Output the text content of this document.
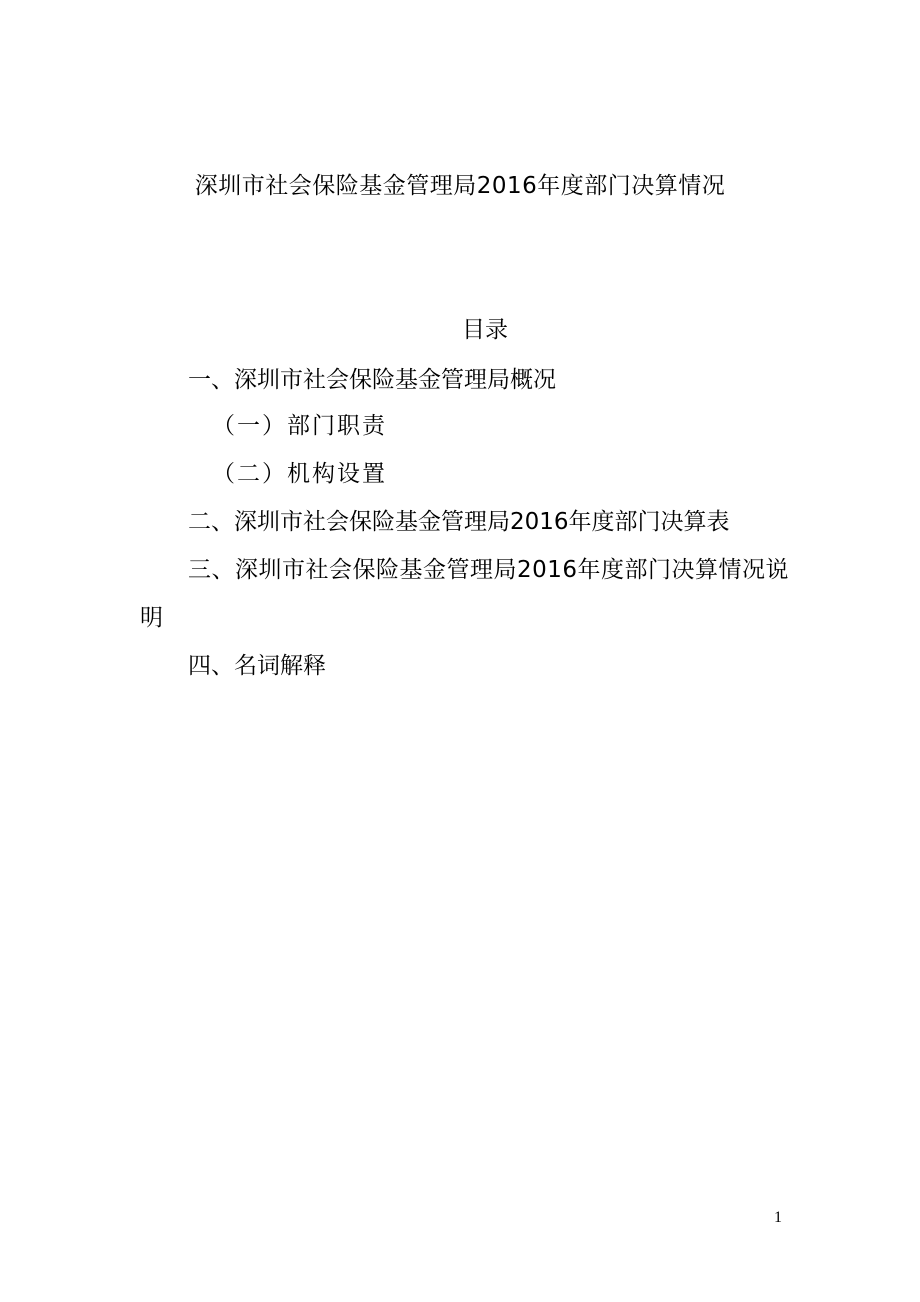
深圳市社会保险基金管理局2016年度部门决算情况
目录
一、深圳市社会保险基金管理局概况
（一）部门职责
（二）机构设置
二、深圳市社会保险基金管理局2016年度部门决算表
三、深圳市社会保险基金管理局2016年度部门决算情况说明
四、名词解释
1
